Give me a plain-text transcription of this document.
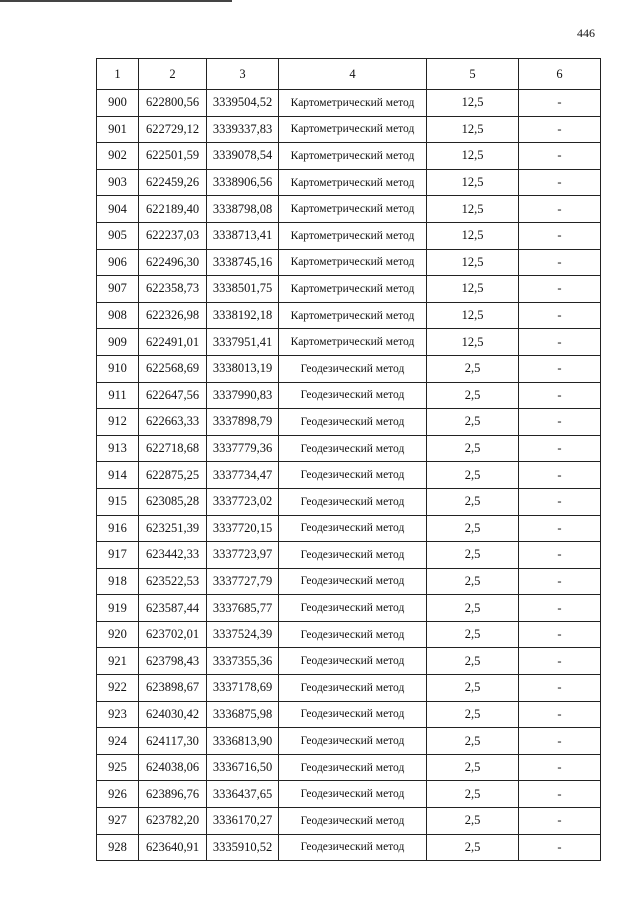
446
1	2	3	4	5	6
900	622800,56	3339504,52	Картометрический метод	12,5	-
901	622729,12	3339337,83	Картометрический метод	12,5	-
902	622501,59	3339078,54	Картометрический метод	12,5	-
903	622459,26	3338906,56	Картометрический метод	12,5	-
904	622189,40	3338798,08	Картометрический метод	12,5	-
905	622237,03	3338713,41	Картометрический метод	12,5	-
906	622496,30	3338745,16	Картометрический метод	12,5	-
907	622358,73	3338501,75	Картометрический метод	12,5	-
908	622326,98	3338192,18	Картометрический метод	12,5	-
909	622491,01	3337951,41	Картометрический метод	12,5	-
910	622568,69	3338013,19	Геодезический метод	2,5	-
911	622647,56	3337990,83	Геодезический метод	2,5	-
912	622663,33	3337898,79	Геодезический метод	2,5	-
913	622718,68	3337779,36	Геодезический метод	2,5	-
914	622875,25	3337734,47	Геодезический метод	2,5	-
915	623085,28	3337723,02	Геодезический метод	2,5	-
916	623251,39	3337720,15	Геодезический метод	2,5	-
917	623442,33	3337723,97	Геодезический метод	2,5	-
918	623522,53	3337727,79	Геодезический метод	2,5	-
919	623587,44	3337685,77	Геодезический метод	2,5	-
920	623702,01	3337524,39	Геодезический метод	2,5	-
921	623798,43	3337355,36	Геодезический метод	2,5	-
922	623898,67	3337178,69	Геодезический метод	2,5	-
923	624030,42	3336875,98	Геодезический метод	2,5	-
924	624117,30	3336813,90	Геодезический метод	2,5	-
925	624038,06	3336716,50	Геодезический метод	2,5	-
926	623896,76	3336437,65	Геодезический метод	2,5	-
927	623782,20	3336170,27	Геодезический метод	2,5	-
928	623640,91	3335910,52	Геодезический метод	2,5	-
